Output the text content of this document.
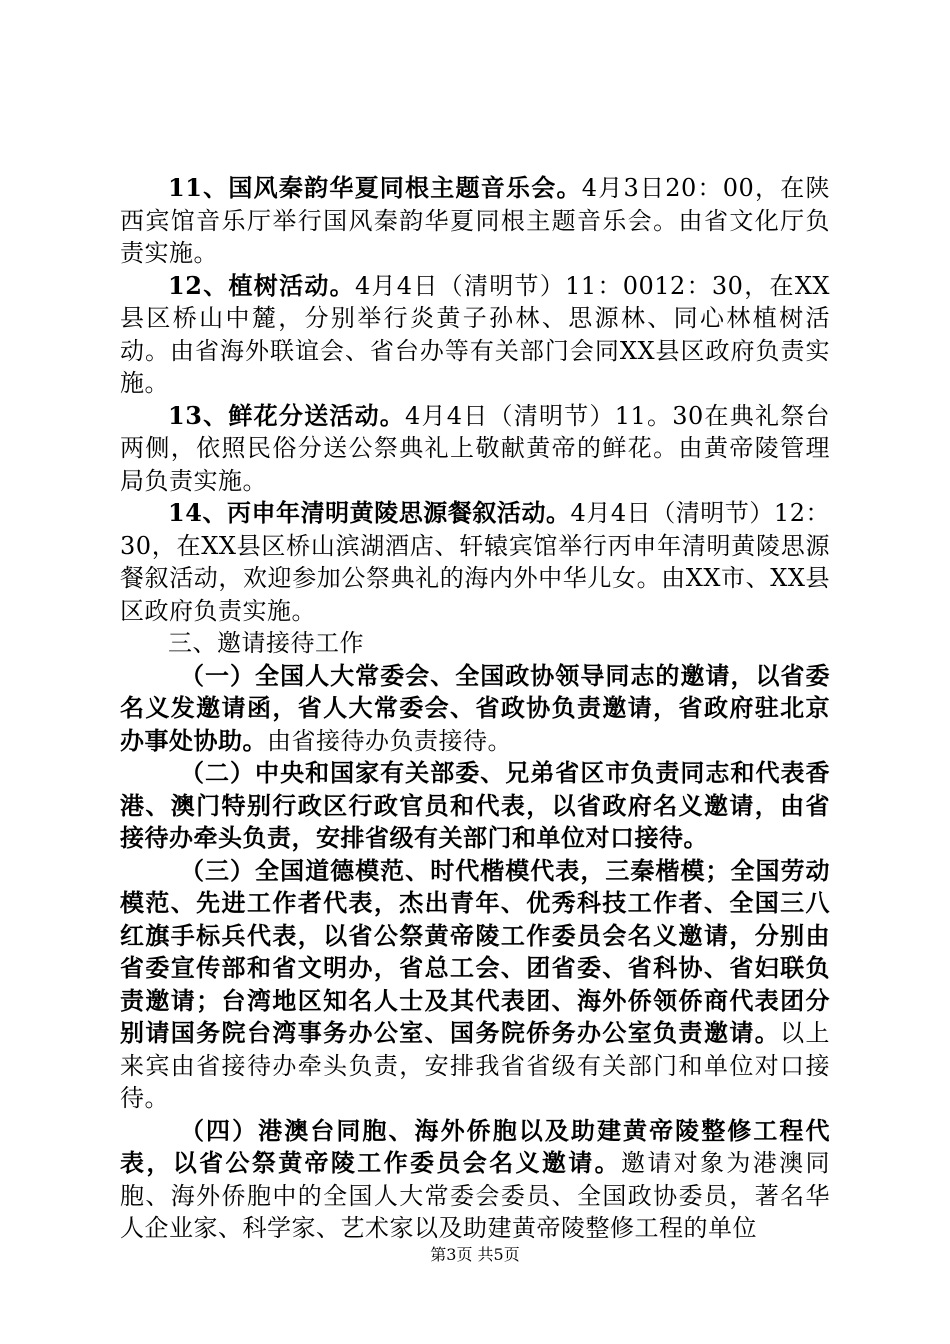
11、国风秦韵华夏同根主题音乐会。4月3日20：00，在陕西宾馆音乐厅举行国风秦韵华夏同根主题音乐会。由省文化厅负责实施。

12、植树活动。4月4日（清明节）11：0012：30，在XX县区桥山中麓，分别举行炎黄子孙林、思源林、同心林植树活动。由省海外联谊会、省台办等有关部门会同XX县区政府负责实施。

13、鲜花分送活动。4月4日（清明节）11。30在典礼祭台两侧，依照民俗分送公祭典礼上敬献黄帝的鲜花。由黄帝陵管理局负责实施。

14、丙申年清明黄陵思源餐叙活动。4月4日（清明节）12：30，在XX县区桥山滨湖酒店、轩辕宾馆举行丙申年清明黄陵思源餐叙活动，欢迎参加公祭典礼的海内外中华儿女。由XX市、XX县区政府负责实施。

三、邀请接待工作

（一）全国人大常委会、全国政协领导同志的邀请，以省委名义发邀请函，省人大常委会、省政协负责邀请，省政府驻北京办事处协助。由省接待办负责接待。

（二）中央和国家有关部委、兄弟省区市负责同志和代表香港、澳门特别行政区行政官员和代表，以省政府名义邀请，由省接待办牵头负责，安排省级有关部门和单位对口接待。

（三）全国道德模范、时代楷模代表，三秦楷模；全国劳动模范、先进工作者代表，杰出青年、优秀科技工作者、全国三八红旗手标兵代表，以省公祭黄帝陵工作委员会名义邀请，分别由省委宣传部和省文明办，省总工会、团省委、省科协、省妇联负责邀请；台湾地区知名人士及其代表团、海外侨领侨商代表团分别请国务院台湾事务办公室、国务院侨务办公室负责邀请。以上来宾由省接待办牵头负责，安排我省省级有关部门和单位对口接待。

（四）港澳台同胞、海外侨胞以及助建黄帝陵整修工程代表，以省公祭黄帝陵工作委员会名义邀请。邀请对象为港澳同胞、海外侨胞中的全国人大常委会委员、全国政协委员，著名华人企业家、科学家、艺术家以及助建黄帝陵整修工程的单位

第3页 共5页
